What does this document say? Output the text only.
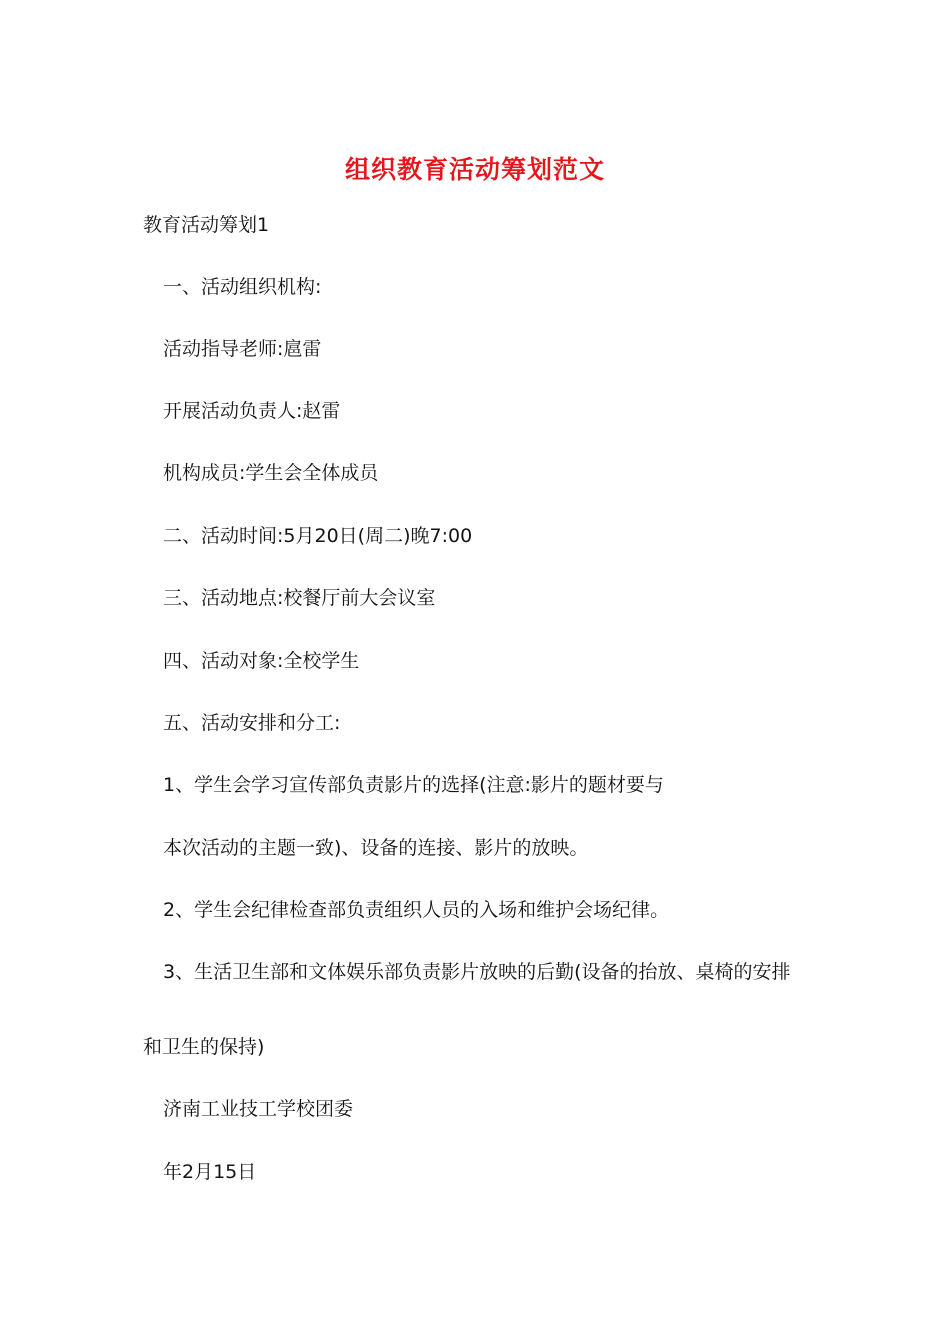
组织教育活动筹划范文
教育活动筹划1
一、活动组织机构:
活动指导老师:扈雷
开展活动负责人:赵雷
机构成员:学生会全体成员
二、活动时间:5月20日(周二)晚7:00
三、活动地点:校餐厅前大会议室
四、活动对象:全校学生
五、活动安排和分工:
1、学生会学习宣传部负责影片的选择(注意:影片的题材要与
本次活动的主题一致)、设备的连接、影片的放映。
2、学生会纪律检查部负责组织人员的入场和维护会场纪律。
3、生活卫生部和文体娱乐部负责影片放映的后勤(设备的抬放、桌椅的安排
和卫生的保持)
济南工业技工学校团委
年2月15日
